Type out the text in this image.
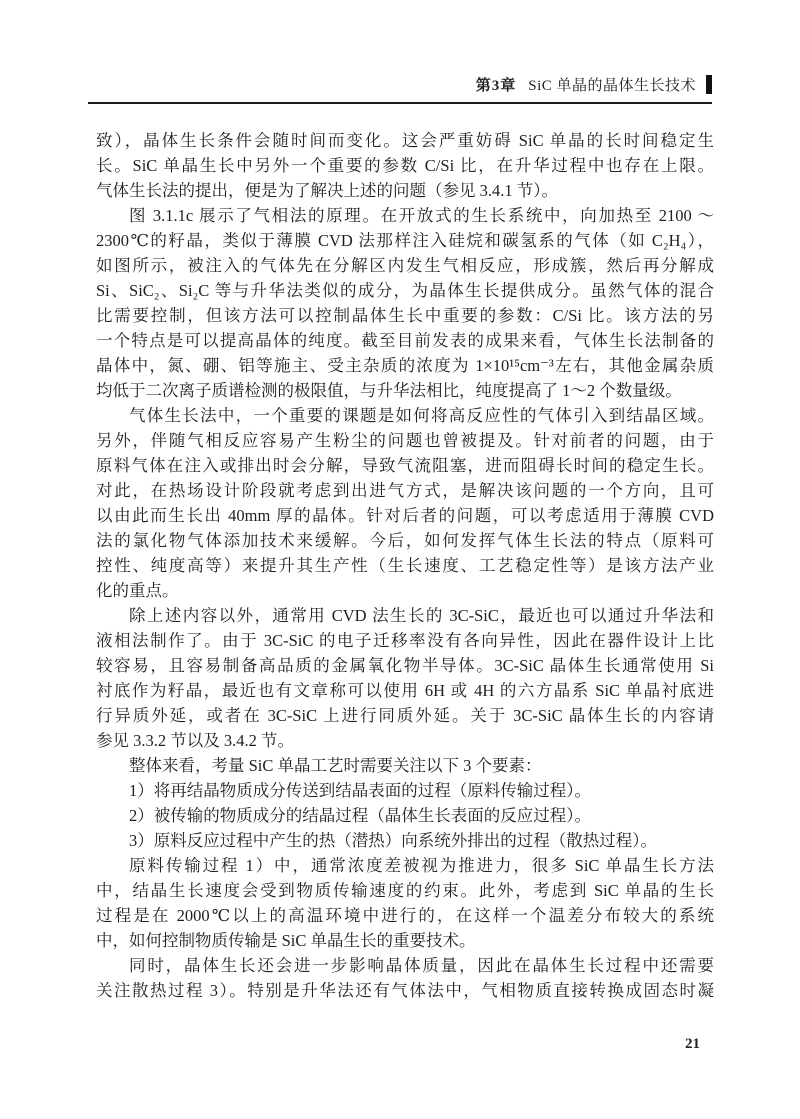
第3章 SiC 单晶的晶体生长技术
致），晶体生长条件会随时间而变化。这会严重妨碍 SiC 单晶的长时间稳定生
长。SiC 单晶生长中另外一个重要的参数 C/Si 比，在升华过程中也存在上限。
气体生长法的提出，便是为了解决上述的问题（参见 3.4.1 节）。
图 3.1.1c 展示了气相法的原理。在开放式的生长系统中，向加热至 2100 ～
2300℃的籽晶，类似于薄膜 CVD 法那样注入硅烷和碳氢系的气体（如 C₂H₄），
如图所示，被注入的气体先在分解区内发生气相反应，形成簇，然后再分解成
Si、SiC₂、Si₂C 等与升华法类似的成分，为晶体生长提供成分。虽然气体的混合
比需要控制，但该方法可以控制晶体生长中重要的参数：C/Si 比。该方法的另
一个特点是可以提高晶体的纯度。截至目前发表的成果来看，气体生长法制备的
晶体中，氮、硼、铝等施主、受主杂质的浓度为 1×10¹⁵cm⁻³左右，其他金属杂质
均低于二次离子质谱检测的极限值，与升华法相比，纯度提高了 1～2 个数量级。
气体生长法中，一个重要的课题是如何将高反应性的气体引入到结晶区域。
另外，伴随气相反应容易产生粉尘的问题也曾被提及。针对前者的问题，由于
原料气体在注入或排出时会分解，导致气流阻塞，进而阻碍长时间的稳定生长。
对此，在热场设计阶段就考虑到出进气方式，是解决该问题的一个方向，且可
以由此而生长出 40mm 厚的晶体。针对后者的问题，可以考虑适用于薄膜 CVD
法的氯化物气体添加技术来缓解。今后，如何发挥气体生长法的特点（原料可
控性、纯度高等）来提升其生产性（生长速度、工艺稳定性等）是该方法产业
化的重点。
除上述内容以外，通常用 CVD 法生长的 3C-SiC，最近也可以通过升华法和
液相法制作了。由于 3C-SiC 的电子迁移率没有各向异性，因此在器件设计上比
较容易，且容易制备高品质的金属氧化物半导体。3C-SiC 晶体生长通常使用 Si
衬底作为籽晶，最近也有文章称可以使用 6H 或 4H 的六方晶系 SiC 单晶衬底进
行异质外延，或者在 3C-SiC 上进行同质外延。关于 3C-SiC 晶体生长的内容请
参见 3.3.2 节以及 3.4.2 节。
整体来看，考量 SiC 单晶工艺时需要关注以下 3 个要素：
1）将再结晶物质成分传送到结晶表面的过程（原料传输过程）。
2）被传输的物质成分的结晶过程（晶体生长表面的反应过程）。
3）原料反应过程中产生的热（潜热）向系统外排出的过程（散热过程）。
原料传输过程 1）中，通常浓度差被视为推进力，很多 SiC 单晶生长方法
中，结晶生长速度会受到物质传输速度的约束。此外，考虑到 SiC 单晶的生长
过程是在 2000℃以上的高温环境中进行的，在这样一个温差分布较大的系统
中，如何控制物质传输是 SiC 单晶生长的重要技术。
同时，晶体生长还会进一步影响晶体质量，因此在晶体生长过程中还需要
关注散热过程 3）。特别是升华法还有气体法中，气相物质直接转换成固态时凝
21
